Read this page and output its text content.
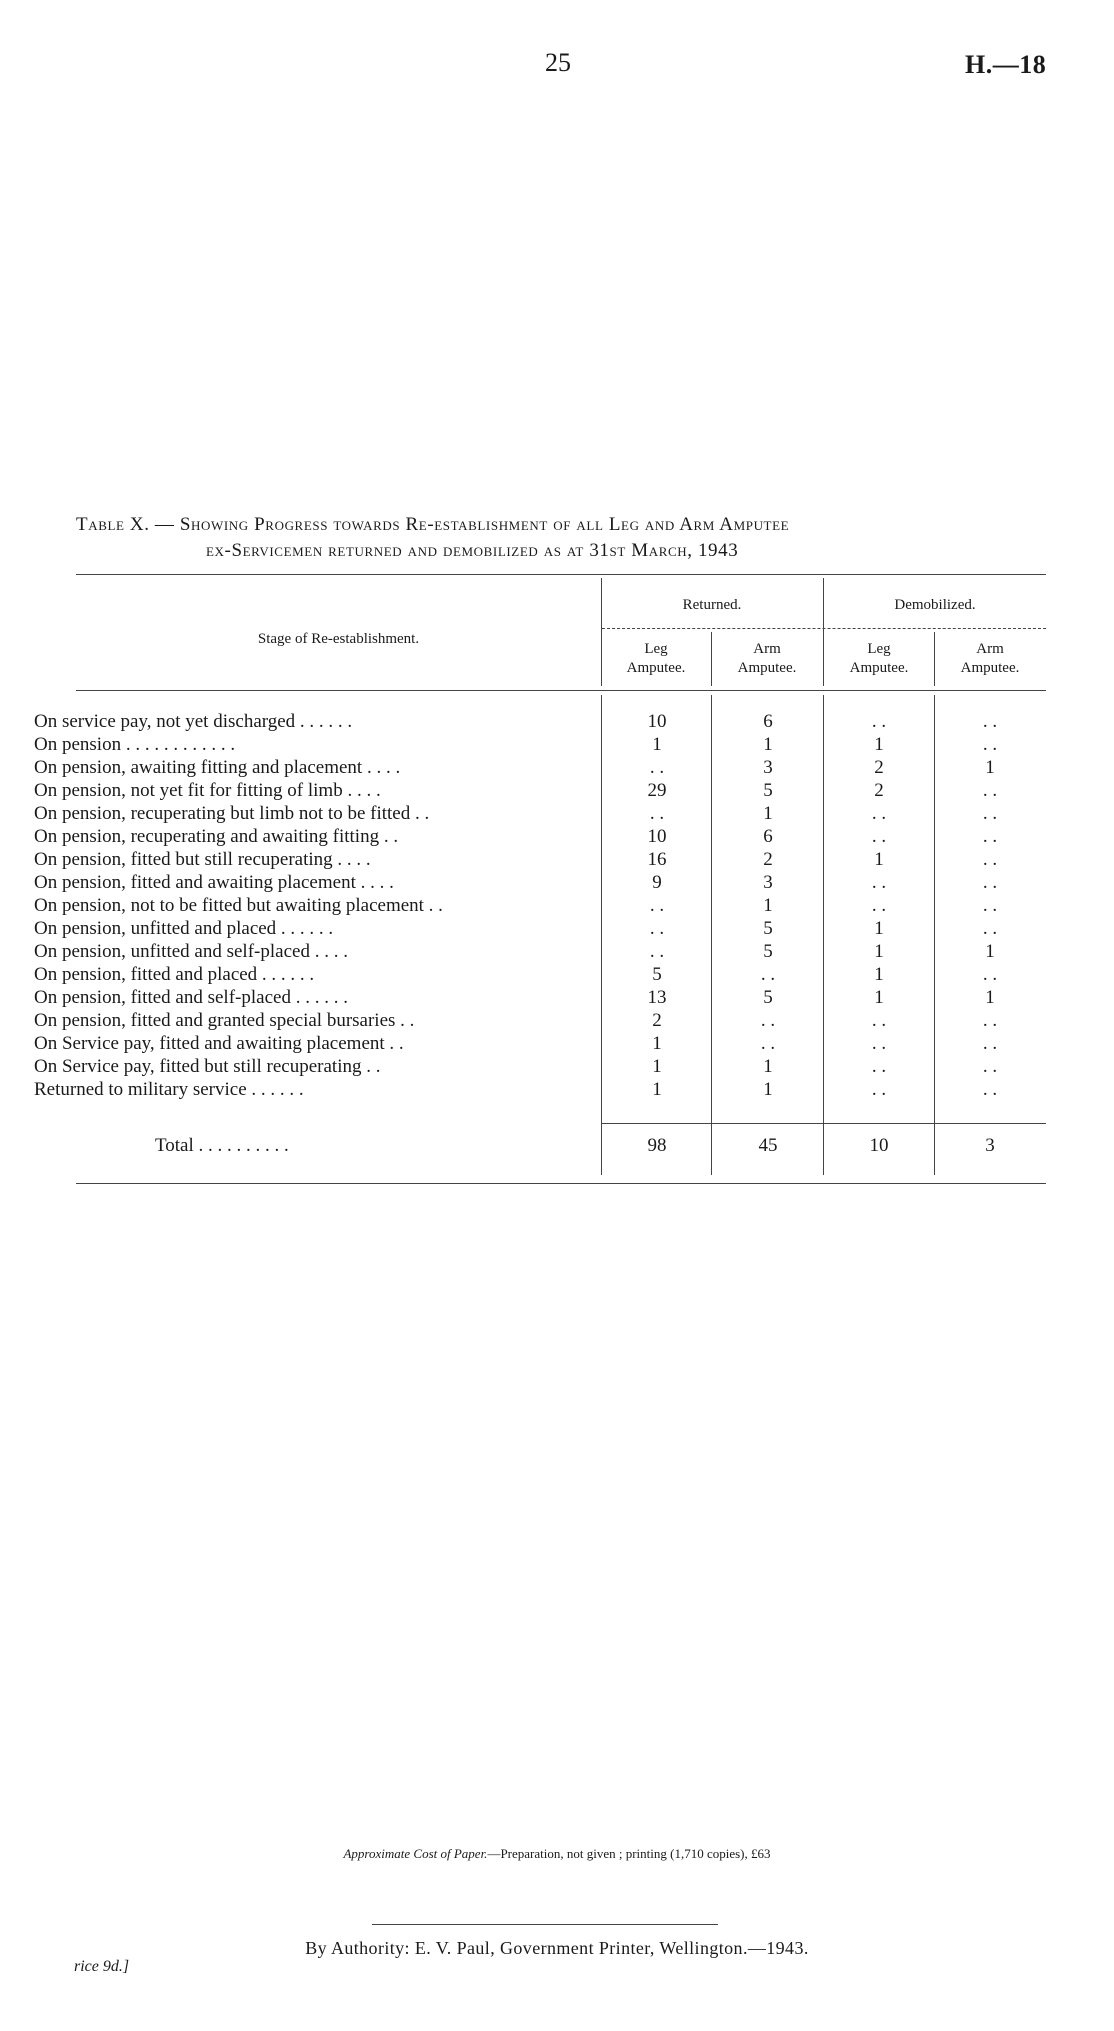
25	H.—18
Table X. — Showing Progress towards Re-establishment of all Leg and Arm Amputee
ex-Servicemen returned and demobilized as at 31st March, 1943
Stage of Re-establishment.
Returned.	Demobilized.
Leg
Amputee.
Arm
Amputee.
Leg
Amputee.
Arm
Amputee.
On service pay, not yet discharged . . . . . .	10	6	. .	. .
On pension . . . . . . . . . . . .	1	1	1	. .
On pension, awaiting fitting and placement . . . .	. .	3	2	1
On pension, not yet fit for fitting of limb . . . .	29	5	2	. .
On pension, recuperating but limb not to be fitted . .	. .	1	. .	. .
On pension, recuperating and awaiting fitting . .	10	6	. .	. .
On pension, fitted but still recuperating . . . .	16	2	1	. .
On pension, fitted and awaiting placement . . . .	9	3	. .	. .
On pension, not to be fitted but awaiting placement . .	. .	1	. .	. .
On pension, unfitted and placed . . . . . .	. .	5	1	. .
On pension, unfitted and self-placed . . . .	. .	5	1	1
On pension, fitted and placed . . . . . .	5	. .	1	. .
On pension, fitted and self-placed . . . . . .	13	5	1	1
On pension, fitted and granted special bursaries . .	2	. .	. .	. .
On Service pay, fitted and awaiting placement . .	1	. .	. .	. .
On Service pay, fitted but still recuperating . .	1	1	. .	. .
Returned to military service . . . . . .	1	1	. .	. .
Total . . . . . . . . . .	98	45	10	3
Approximate Cost of Paper.—Preparation, not given ; printing (1,710 copies), £63
By Authority: E. V. Paul, Government Printer, Wellington.—1943.
rice 9d.]
